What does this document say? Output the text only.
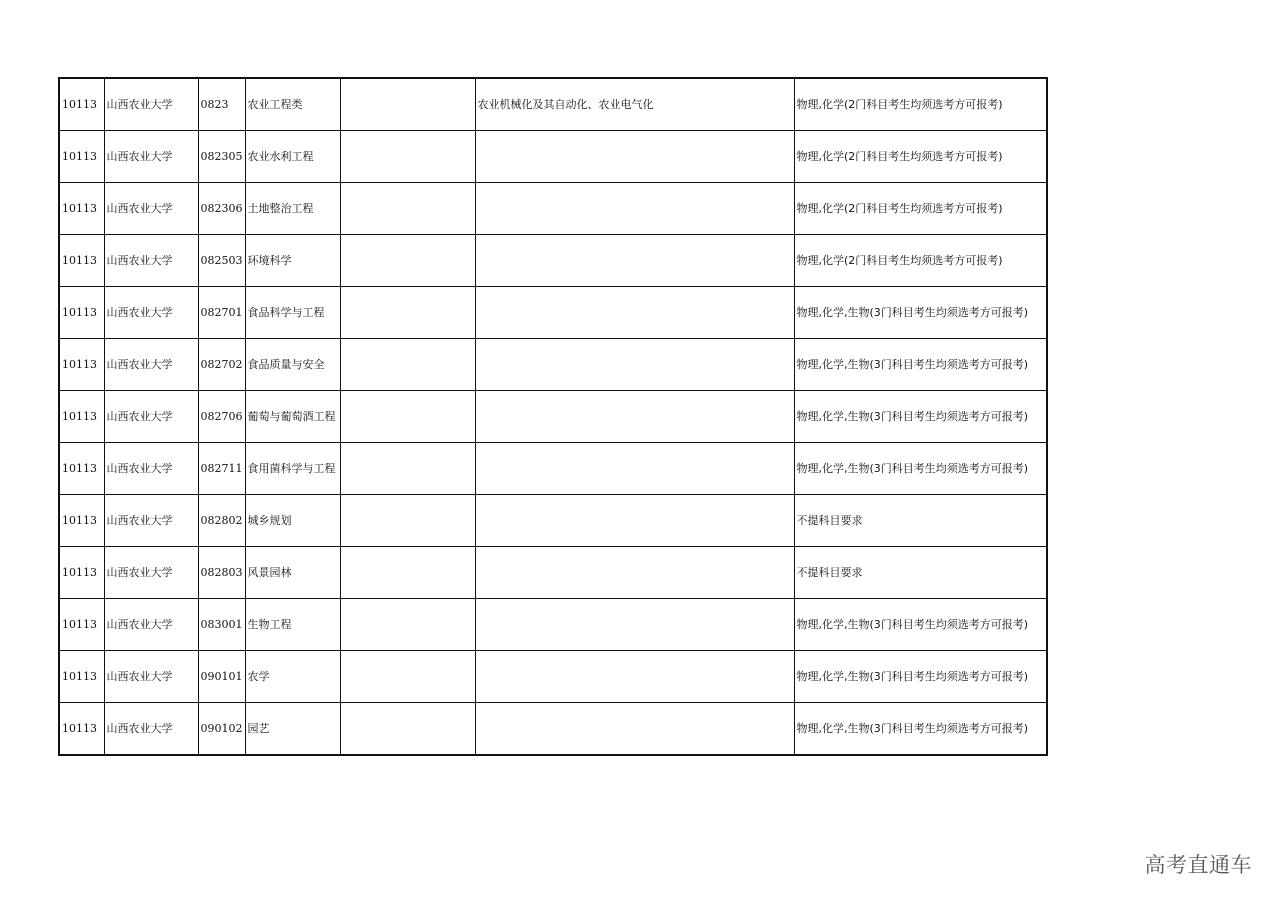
10113	山西农业大学	0823	农业工程类		农业机械化及其自动化、农业电气化	物理,化学(2门科目考生均须选考方可报考)
10113	山西农业大学	082305	农业水利工程			物理,化学(2门科目考生均须选考方可报考)
10113	山西农业大学	082306	土地整治工程			物理,化学(2门科目考生均须选考方可报考)
10113	山西农业大学	082503	环境科学			物理,化学(2门科目考生均须选考方可报考)
10113	山西农业大学	082701	食品科学与工程			物理,化学,生物(3门科目考生均须选考方可报考)
10113	山西农业大学	082702	食品质量与安全			物理,化学,生物(3门科目考生均须选考方可报考)
10113	山西农业大学	082706	葡萄与葡萄酒工程			物理,化学,生物(3门科目考生均须选考方可报考)
10113	山西农业大学	082711	食用菌科学与工程			物理,化学,生物(3门科目考生均须选考方可报考)
10113	山西农业大学	082802	城乡规划			不提科目要求
10113	山西农业大学	082803	风景园林			不提科目要求
10113	山西农业大学	083001	生物工程			物理,化学,生物(3门科目考生均须选考方可报考)
10113	山西农业大学	090101	农学			物理,化学,生物(3门科目考生均须选考方可报考)
10113	山西农业大学	090102	园艺			物理,化学,生物(3门科目考生均须选考方可报考)
高考直通车
